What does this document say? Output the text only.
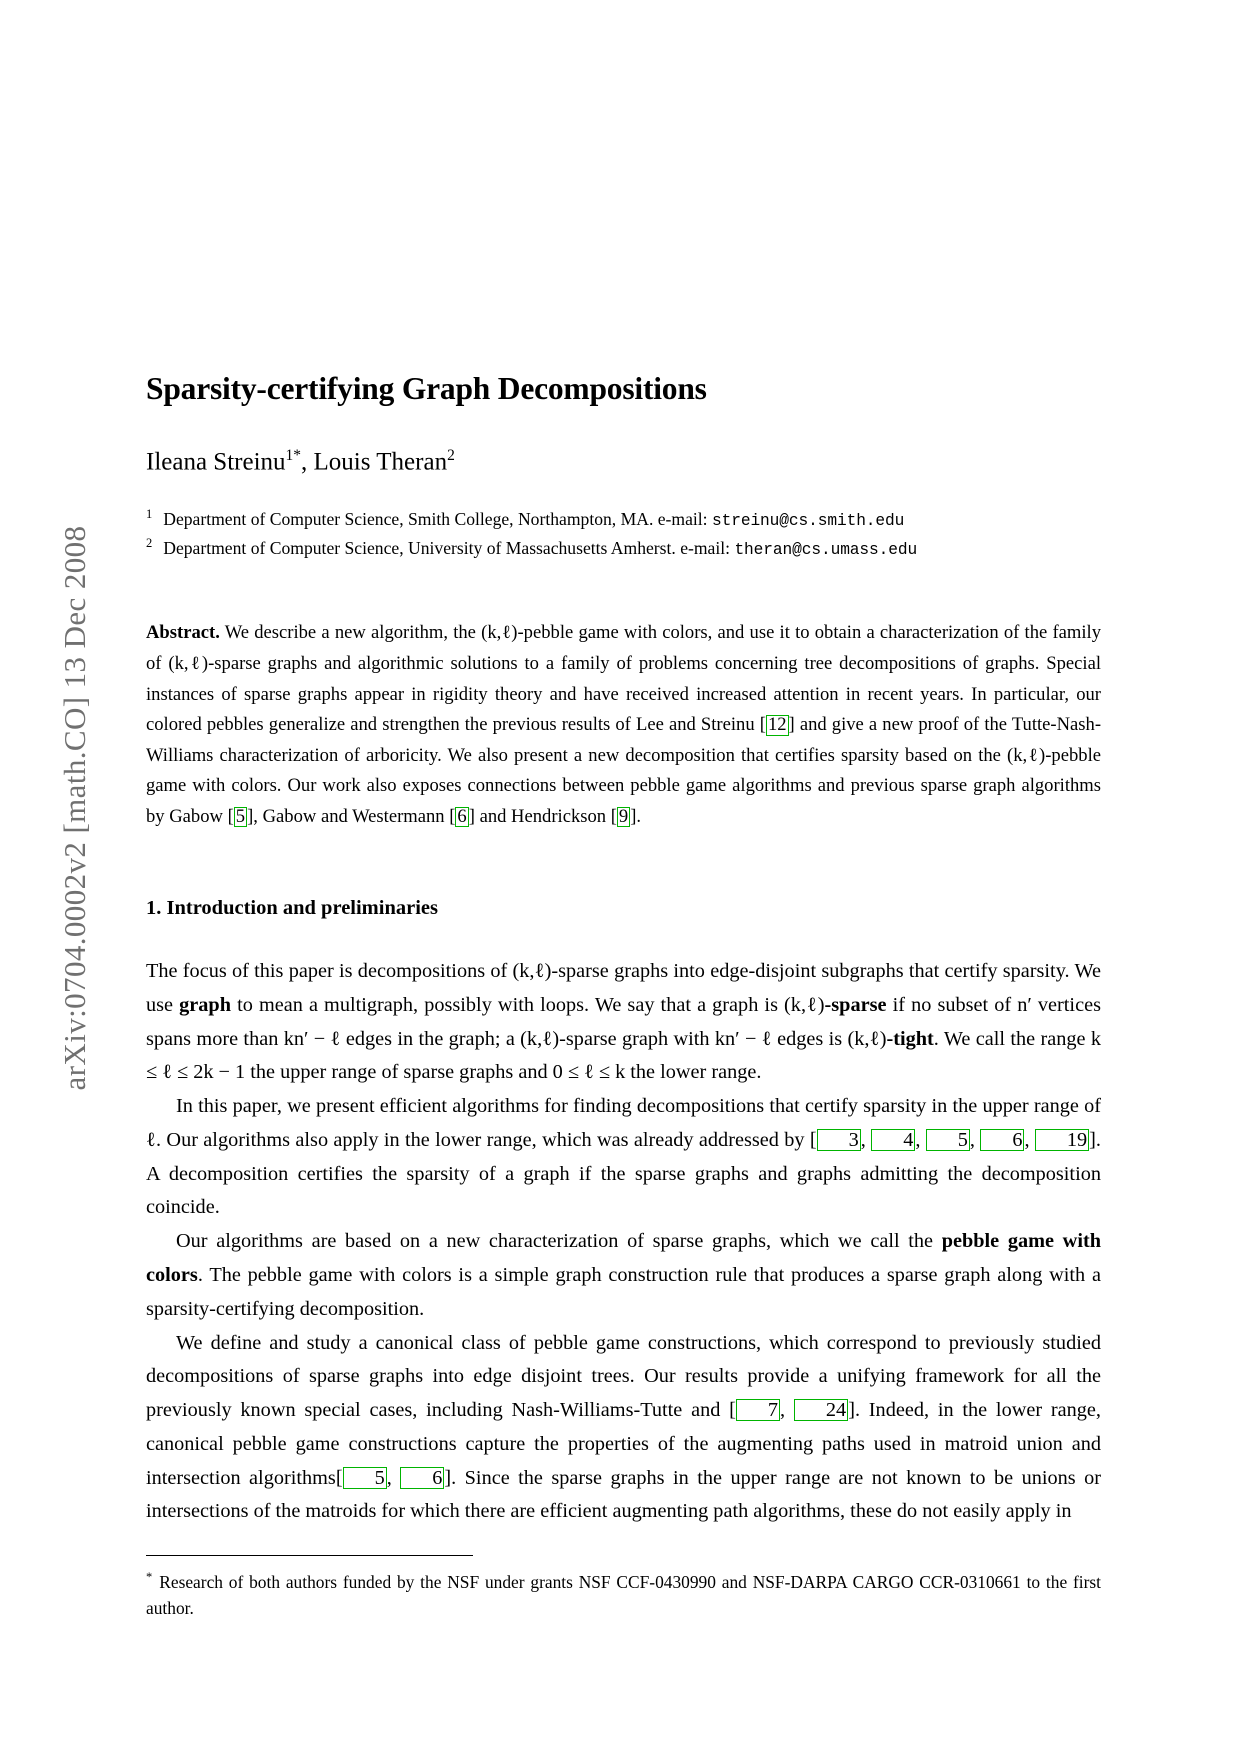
arXiv:0704.0002v2 [math.CO] 13 Dec 2008
Sparsity-certifying Graph Decompositions

Ileana Streinu$^{1*}$, Louis Theran$^2$

$^1$ Department of Computer Science, Smith College, Northampton, MA. e-mail: streinu@cs.smith.edu

$^2$ Department of Computer Science, University of Massachusetts Amherst. e-mail: theran@cs.umass.edu

Abstract. We describe a new algorithm, the (k,ℓ)-pebble game with colors, and use it to obtain a characterization of the family of (k,ℓ)-sparse graphs and algorithmic solutions to a family of problems concerning tree decompositions of graphs. Special instances of sparse graphs appear in rigidity theory and have received increased attention in recent years. In particular, our colored pebbles generalize and strengthen the previous results of Lee and Streinu [ 12 ] and give a new proof of the Tutte-Nash-Williams characterization of arboricity. We also present a new decomposition that certifies sparsity based on the (k,ℓ)-pebble game with colors. Our work also exposes connections between pebble game algorithms and previous sparse graph algorithms by Gabow [ 5 ], Gabow and Westermann [ 6 ] and Hendrickson [ 9 ].

1. Introduction and preliminaries

The focus of this paper is decompositions of (k,ℓ)-sparse graphs into edge-disjoint subgraphs that certify sparsity. We use graph to mean a multigraph, possibly with loops. We say that a graph is (k,ℓ)-sparse if no subset of n′ vertices spans more than kn′ − ℓ edges in the graph; a (k,ℓ)-sparse graph with kn′ − ℓ edges is (k,ℓ)-tight. We call the range k ≤ ℓ ≤ 2k − 1 the upper range of sparse graphs and 0 ≤ ℓ ≤ k the lower range.

In this paper, we present efficient algorithms for finding decompositions that certify sparsity in the upper range of ℓ. Our algorithms also apply in the lower range, which was already addressed by [ 3, 4, 5, 6, 19]. A decomposition certifies the sparsity of a graph if the sparse graphs and graphs admitting the decomposition coincide.

Our algorithms are based on a new characterization of sparse graphs, which we call the pebble game with colors. The pebble game with colors is a simple graph construction rule that produces a sparse graph along with a sparsity-certifying decomposition.

We define and study a canonical class of pebble game constructions, which correspond to previously studied decompositions of sparse graphs into edge disjoint trees. Our results provide a unifying framework for all the previously known special cases, including Nash-Williams-Tutte and [ 7, 24]. Indeed, in the lower range, canonical pebble game constructions capture the properties of the augmenting paths used in matroid union and intersection algorithms[ 5, 6]. Since the sparse graphs in the upper range are not known to be unions or intersections of the matroids for which there are efficient augmenting path algorithms, these do not easily apply in

* Research of both authors funded by the NSF under grants NSF CCF-0430990 and NSF-DARPA CARGO CCR-0310661 to the first author.
